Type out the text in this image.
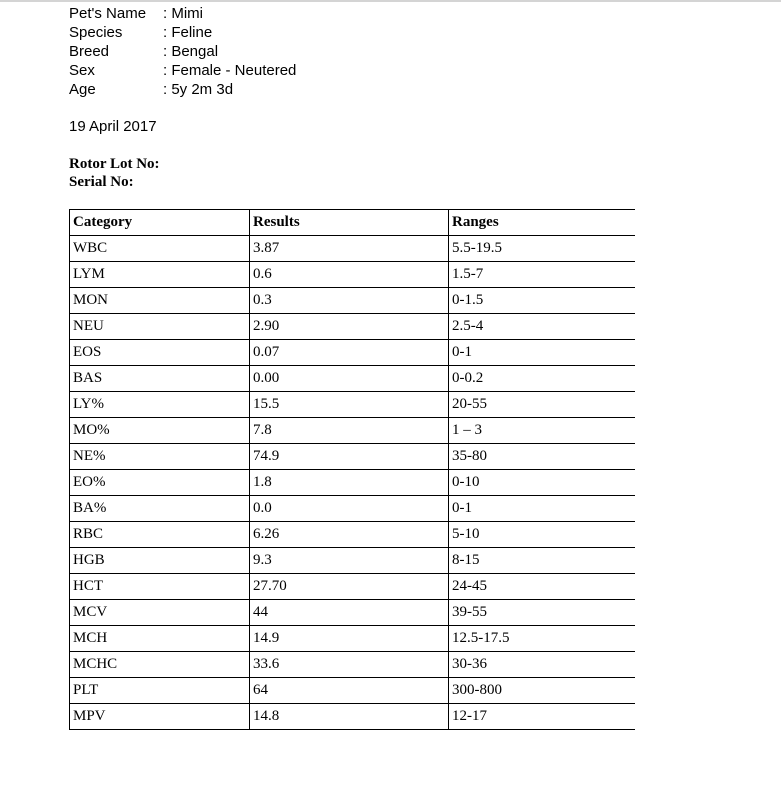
Pet's Name	: Mimi
Species	: Feline
Breed	: Bengal
Sex	: Female - Neutered
Age	: 5y 2m 3d
19 April 2017
Rotor Lot No:
Serial No:
Category	Results	Ranges
WBC	3.87	5.5-19.5
LYM	0.6	1.5-7
MON	0.3	0-1.5
NEU	2.90	2.5-4
EOS	0.07	0-1
BAS	0.00	0-0.2
LY%	15.5	20-55
MO%	7.8	1 – 3
NE%	74.9	35-80
EO%	1.8	0-10
BA%	0.0	0-1
RBC	6.26	5-10
HGB	9.3	8-15
HCT	27.70	24-45
MCV	44	39-55
MCH	14.9	12.5-17.5
MCHC	33.6	30-36
PLT	64	300-800
MPV	14.8	12-17
